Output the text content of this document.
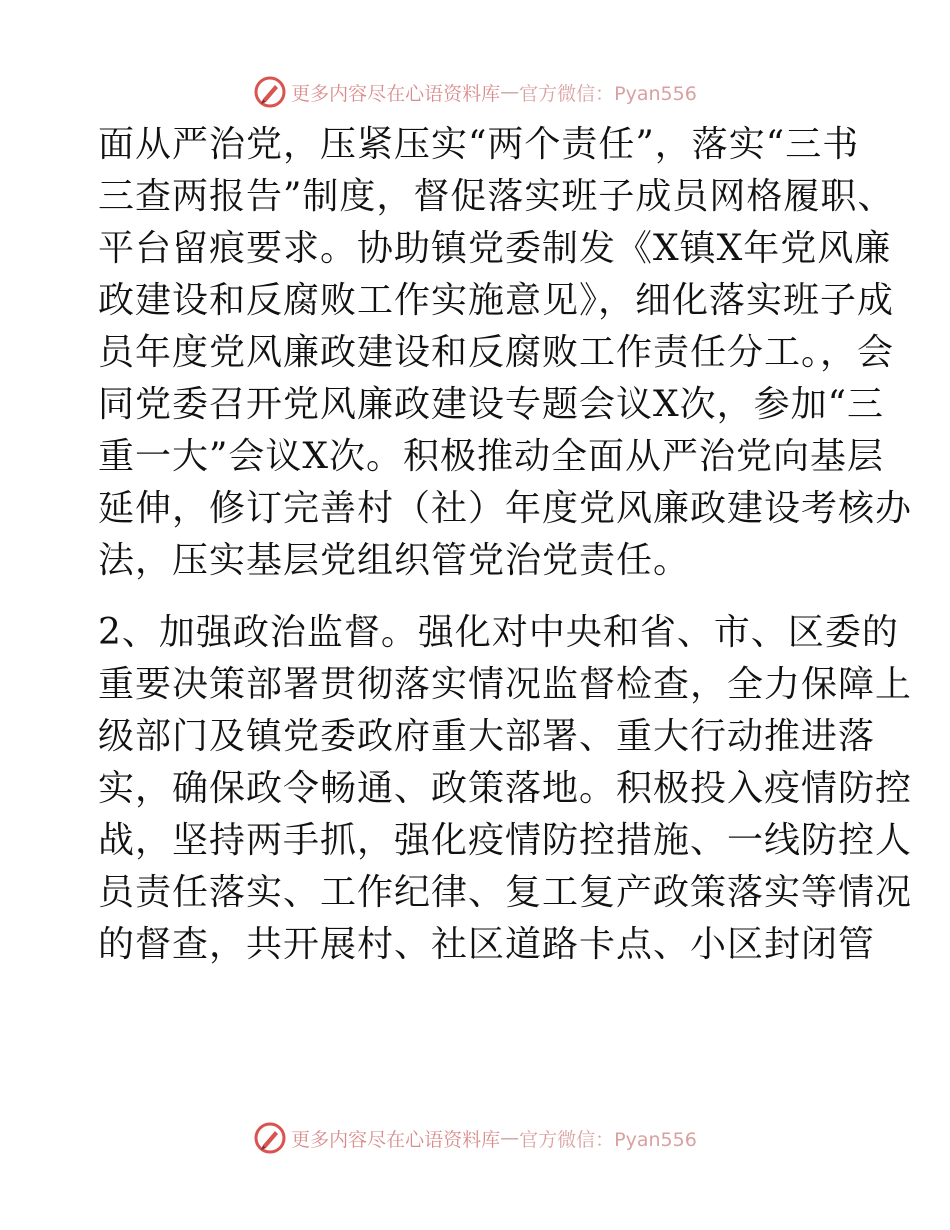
更多内容尽在心语资料库 — 官方微信：Pyan556

面从严治党，压紧压实“两个责任”，落实“三书
三查两报告”制度，督促落实班子成员网格履职、
平台留痕要求。协助镇党委制发《X镇X年党风廉
政建设和反腐败工作实施意见》，细化落实班子成
员年度党风廉政建设和反腐败工作责任分工。，会
同党委召开党风廉政建设专题会议X次，参加“三
重一大”会议X次。积极推动全面从严治党向基层
延伸，修订完善村（社）年度党风廉政建设考核办
法，压实基层党组织管党治党责任。

2、加强政治监督。强化对中央和省、市、区委的
重要决策部署贯彻落实情况监督检查，全力保障上
级部门及镇党委政府重大部署、重大行动推进落
实，确保政令畅通、政策落地。积极投入疫情防控
战，坚持两手抓，强化疫情防控措施、一线防控人
员责任落实、工作纪律、复工复产政策落实等情况
的督查，共开展村、社区道路卡点、小区封闭管

更多内容尽在心语资料库 — 官方微信：Pyan556
